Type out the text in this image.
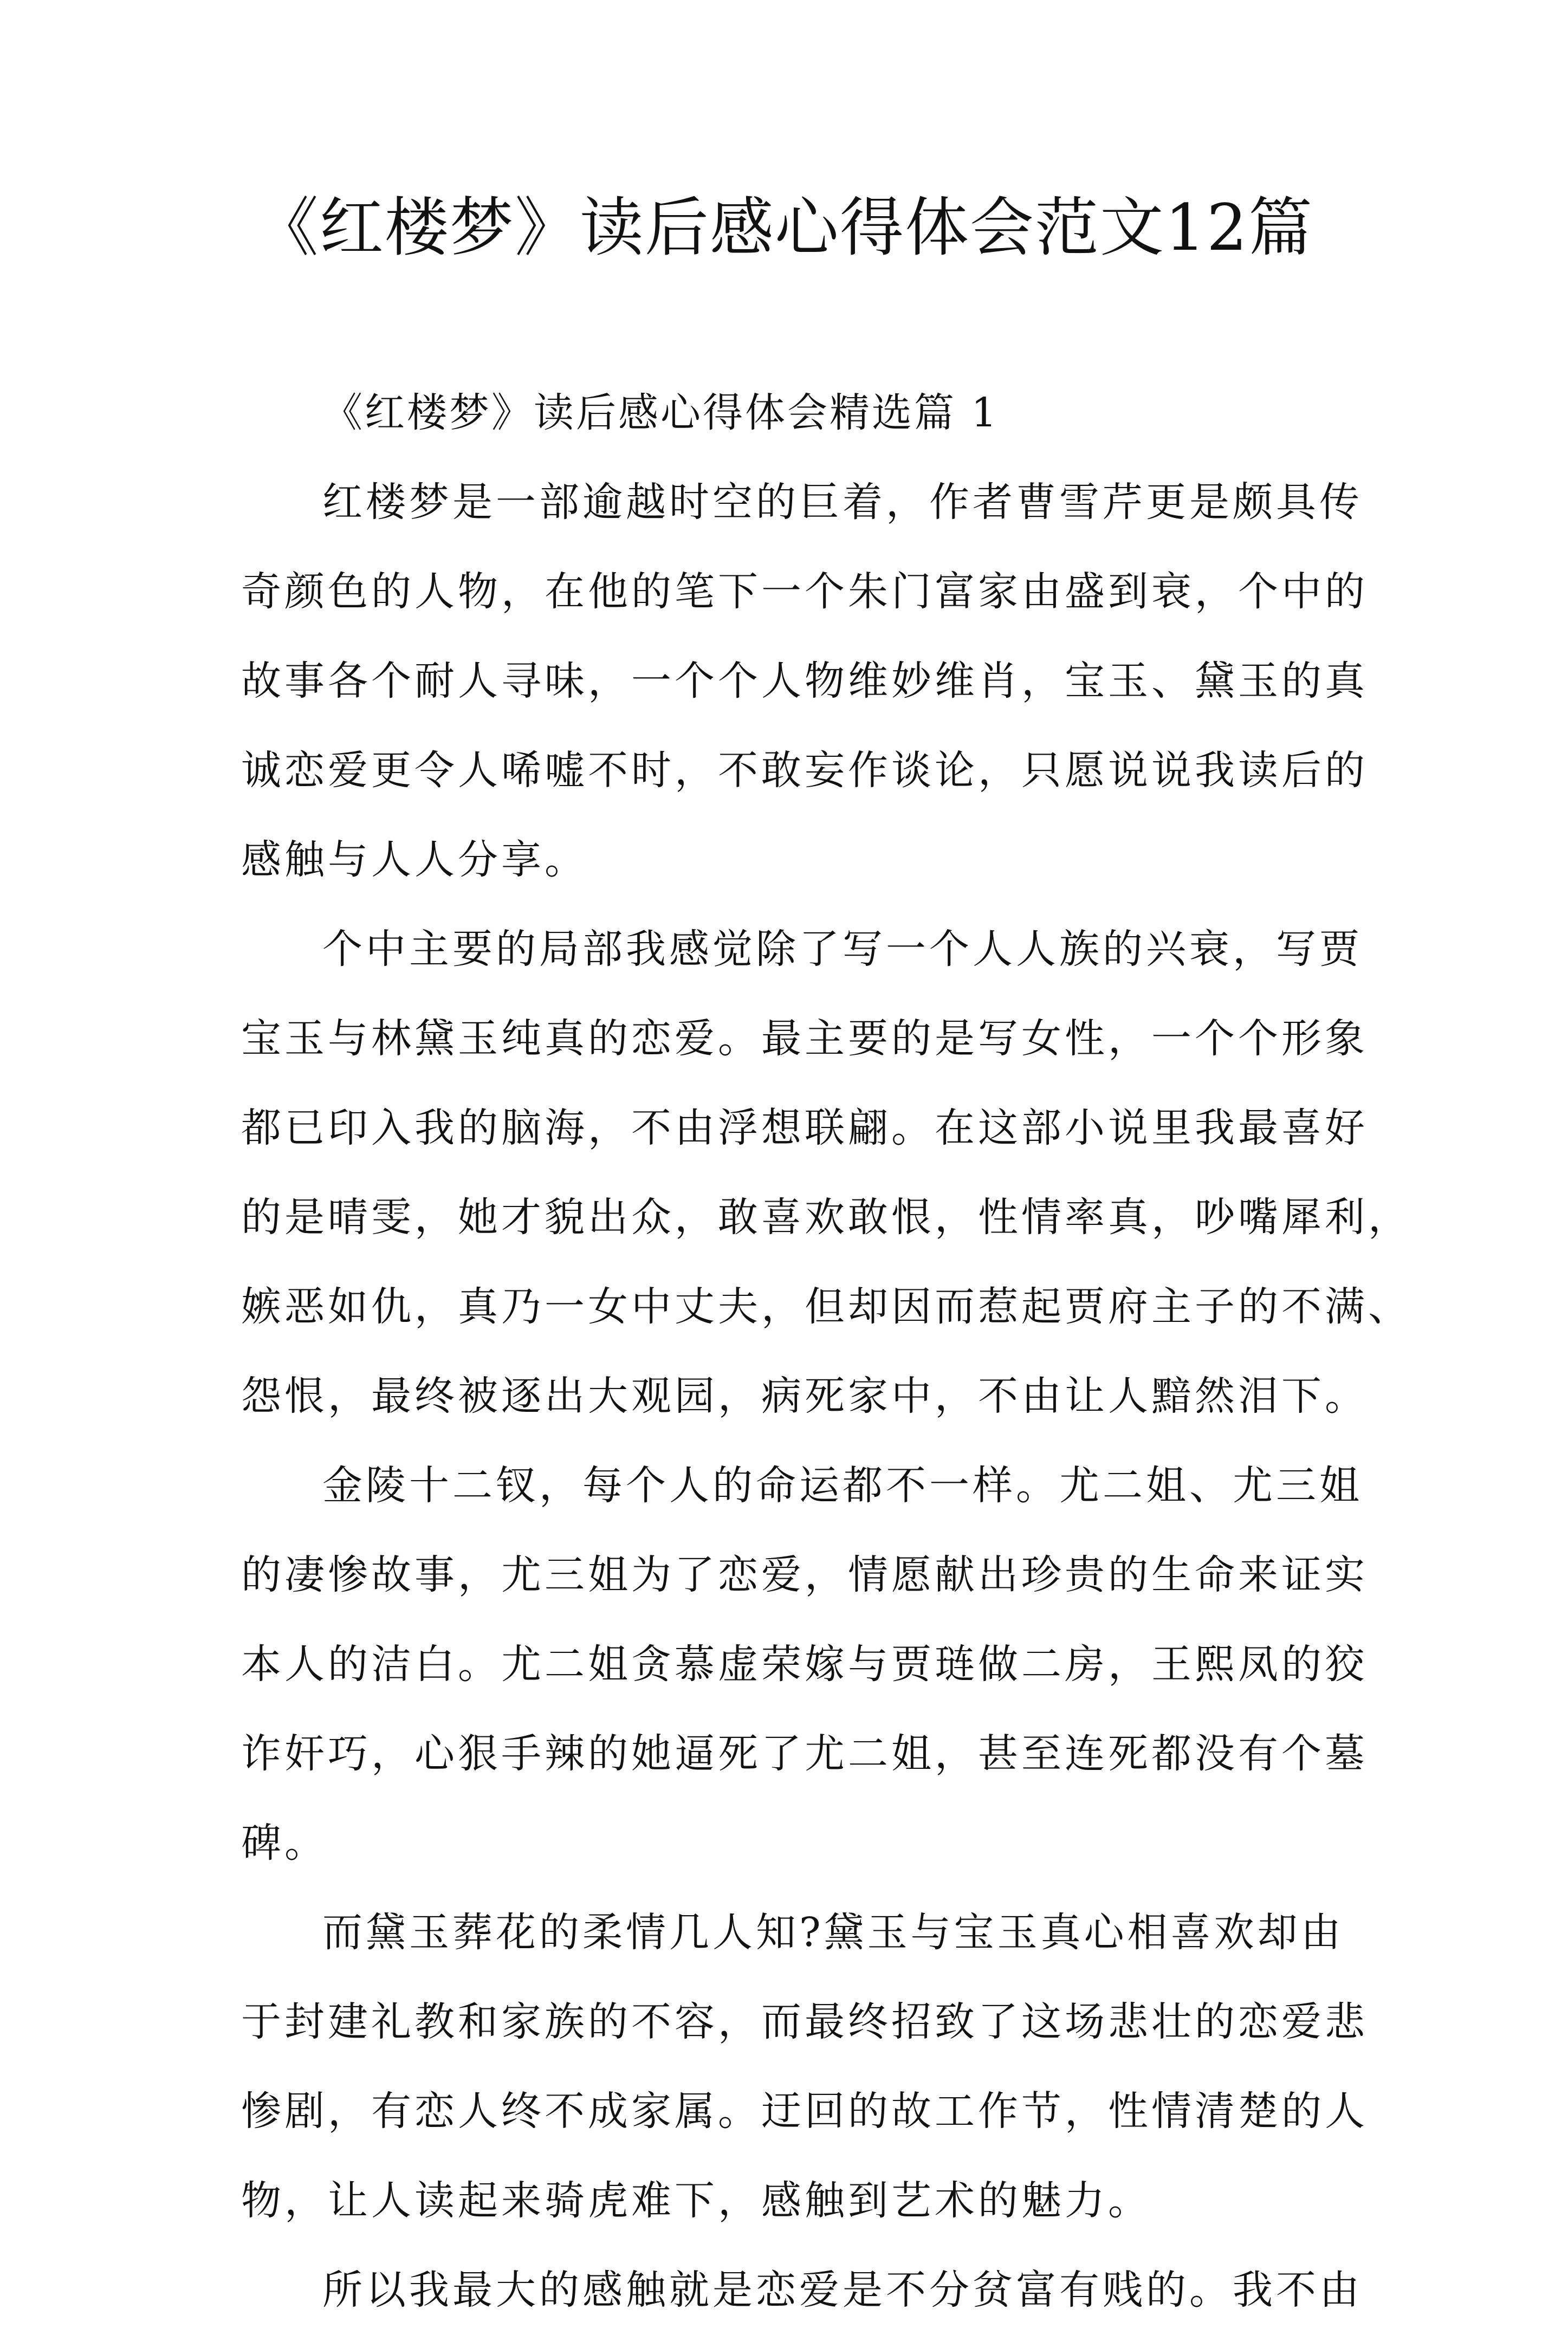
《红楼梦》读后感心得体会范文12篇
《红楼梦》读后感心得体会精选篇 1
红楼梦是一部逾越时空的巨着，作者曹雪芹更是颇具传
奇颜色的人物，在他的笔下一个朱门富家由盛到衰，个中的
故事各个耐人寻味，一个个人物维妙维肖，宝玉、黛玉的真
诚恋爱更令人唏嘘不时，不敢妄作谈论，只愿说说我读后的
感触与人人分享。
个中主要的局部我感觉除了写一个人人族的兴衰，写贾
宝玉与林黛玉纯真的恋爱。最主要的是写女性，一个个形象
都已印入我的脑海，不由浮想联翩。在这部小说里我最喜好
的是晴雯，她才貌出众，敢喜欢敢恨，性情率真，吵嘴犀利，
嫉恶如仇，真乃一女中丈夫，但却因而惹起贾府主子的不满、
怨恨，最终被逐出大观园，病死家中，不由让人黯然泪下。
金陵十二钗，每个人的命运都不一样。尤二姐、尤三姐
的凄惨故事，尤三姐为了恋爱，情愿献出珍贵的生命来证实
本人的洁白。尤二姐贪慕虚荣嫁与贾琏做二房，王熙凤的狡
诈奸巧，心狠手辣的她逼死了尤二姐，甚至连死都没有个墓
碑。
而黛玉葬花的柔情几人知?黛玉与宝玉真心相喜欢却由
于封建礼教和家族的不容，而最终招致了这场悲壮的恋爱悲
惨剧，有恋人终不成家属。迂回的故工作节，性情清楚的人
物，让人读起来骑虎难下，感触到艺术的魅力。
所以我最大的感触就是恋爱是不分贫富有贱的。我不由
